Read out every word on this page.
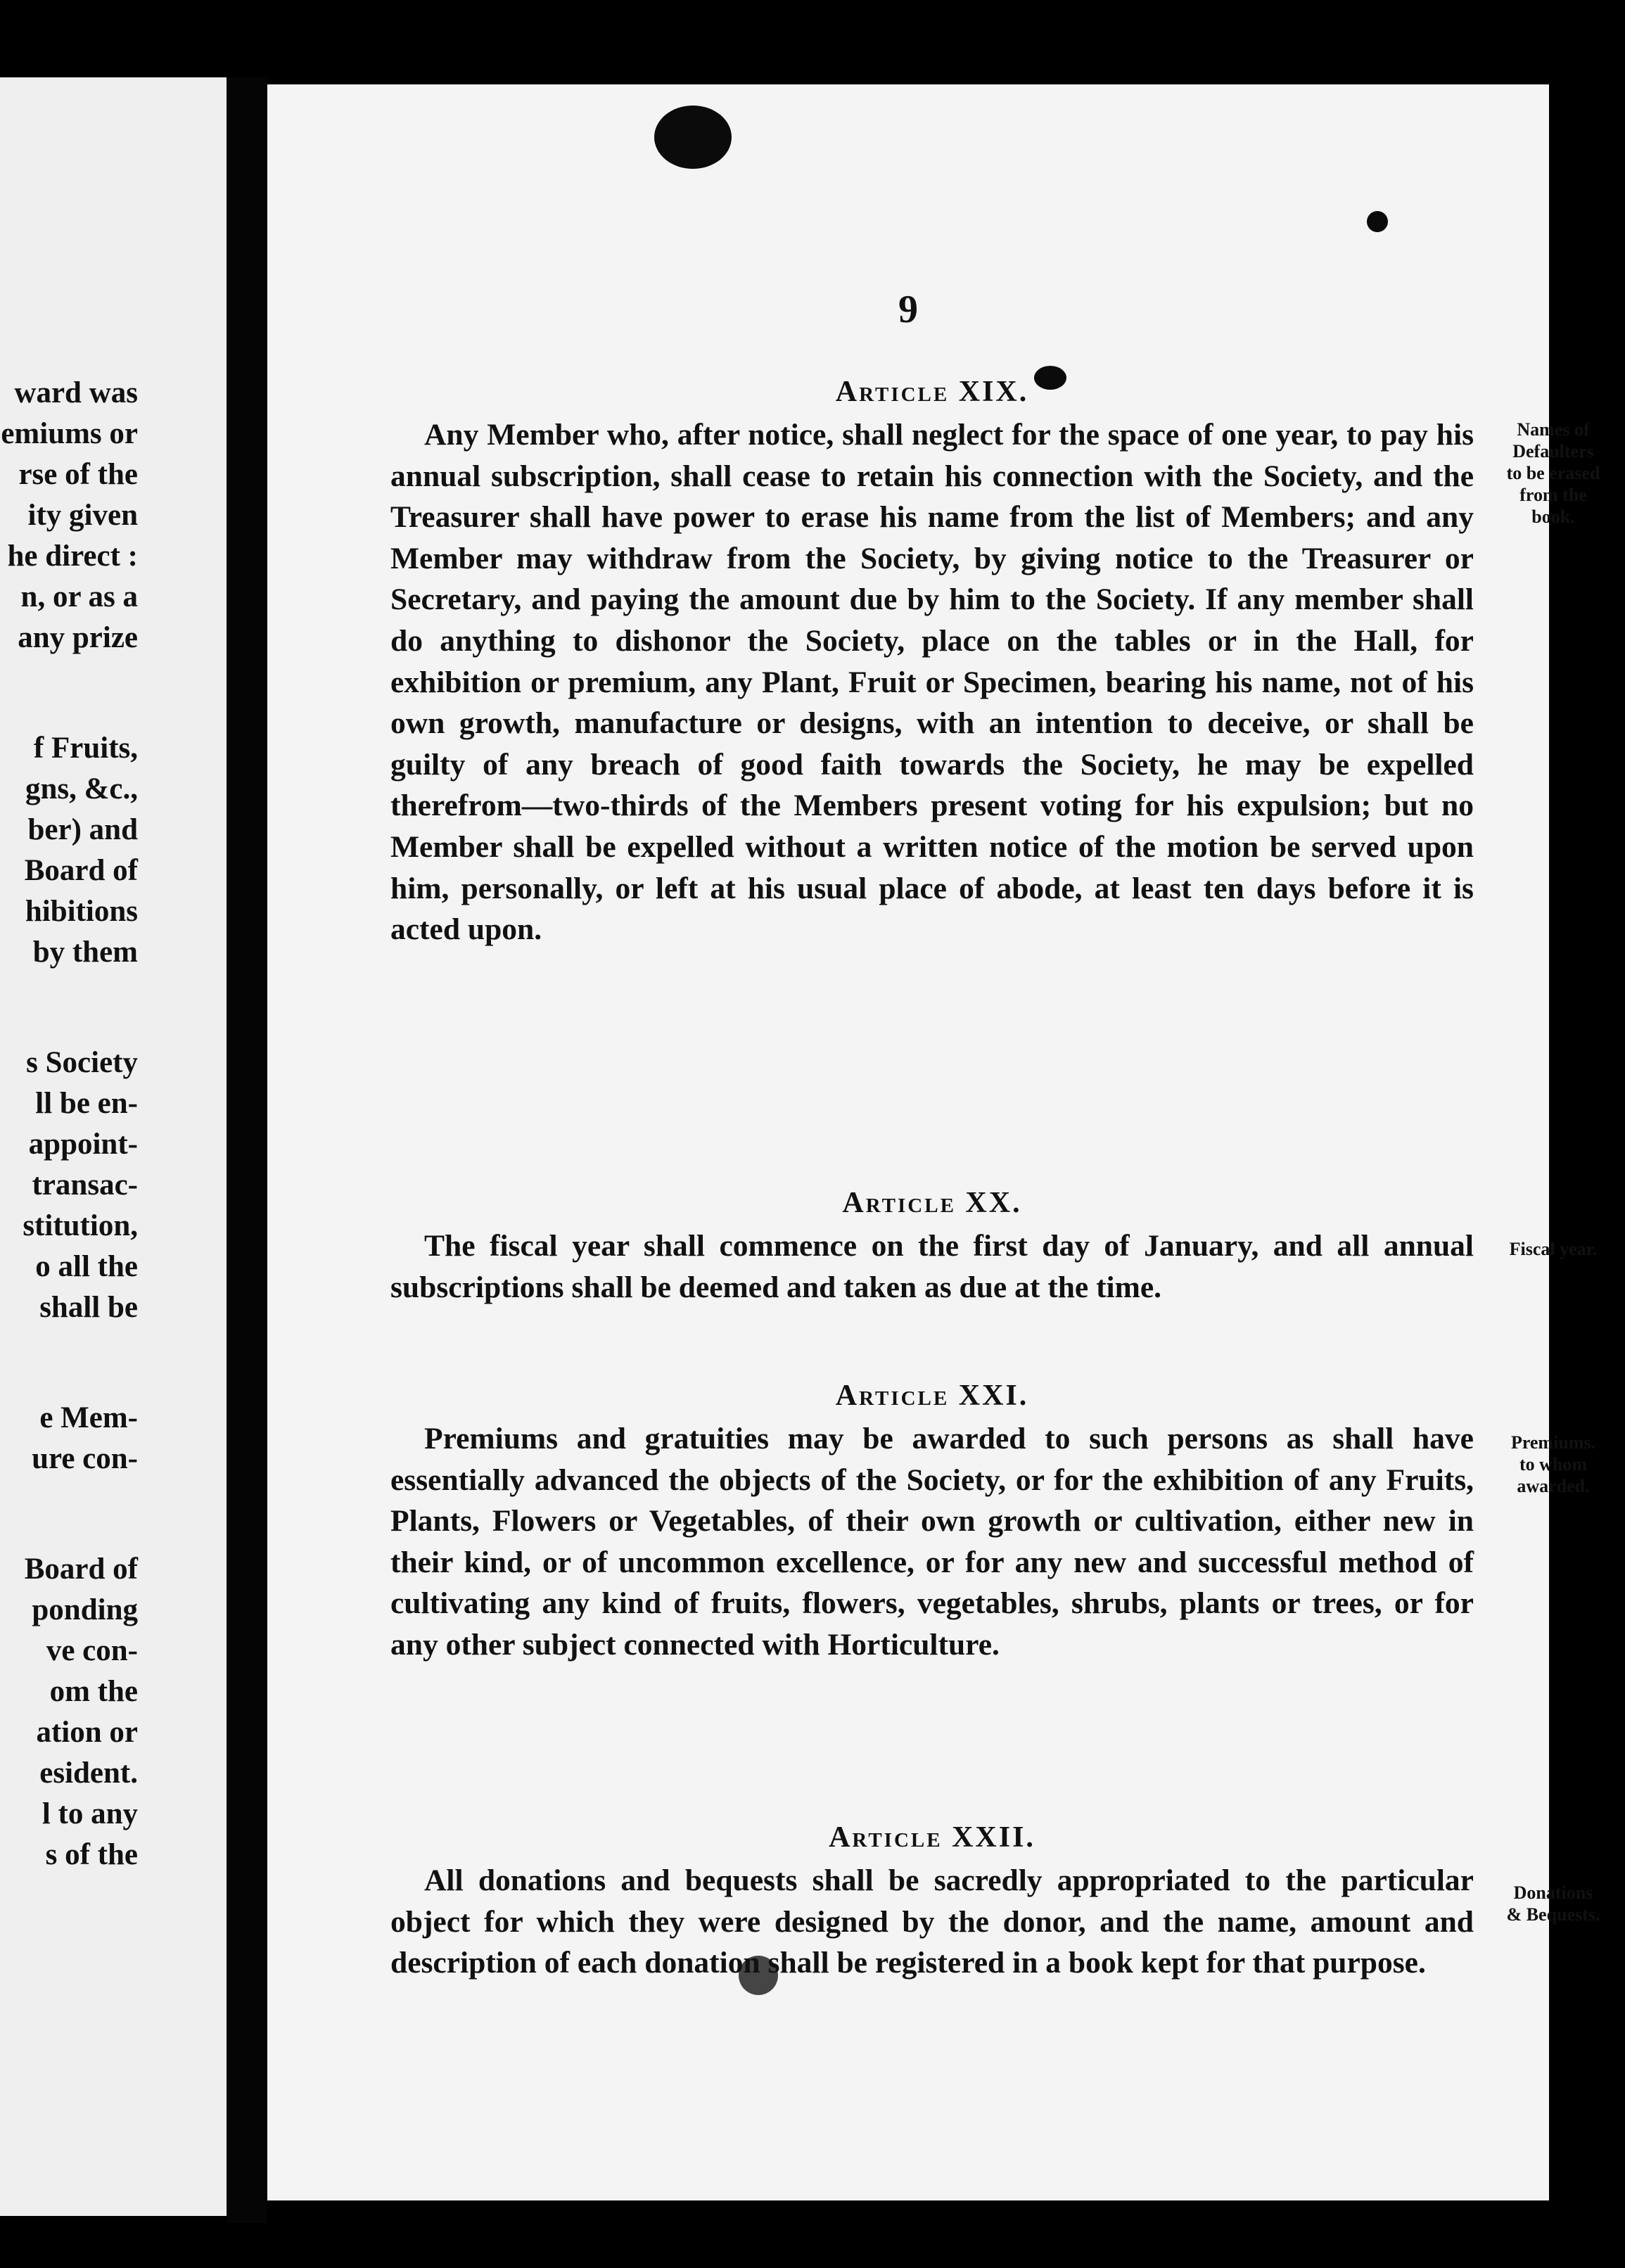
ward was
emiums or
rse of the
ity given
he direct :
n, or as a
any prize
f Fruits,
gns, &c.,
ber) and
Board of
hibitions
by them
s Society
ll be en-
appoint-
transac-
stitution,
o all the
shall be
e Mem-
ure con-
Board of
ponding
ve con-
om the
ation or
esident.
l to any
s of the
9
Article XIX.

Any Member who, after notice, shall neglect for the space of one year, to pay his annual subscription, shall cease to retain his connection with the Society, and the Treasurer shall have power to erase his name from the list of Members; and any Member may withdraw from the Society, by giving notice to the Treasurer or Secretary, and paying the amount due by him to the Society. If any member shall do anything to dishonor the Society, place on the tables or in the Hall, for exhibition or premium, any Plant, Fruit or Specimen, bearing his name, not of his own growth, manufacture or designs, with an intention to deceive, or shall be guilty of any breach of good faith towards the Society, he may be expelled therefrom—two-thirds of the Members present voting for his expulsion; but no Member shall be expelled without a written notice of the motion be served upon him, personally, or left at his usual place of abode, at least ten days before it is acted upon.

Names of
Defaulters
to be erased
from the
book.
Article XX.

The fiscal year shall commence on the first day of January, and all annual subscriptions shall be deemed and taken as due at the time.

Fiscal year.
Article XXI.

Premiums and gratuities may be awarded to such persons as shall have essentially advanced the objects of the Society, or for the exhibition of any Fruits, Plants, Flowers or Vegetables, of their own growth or cultivation, either new in their kind, or of uncommon excellence, or for any new and successful method of cultivating any kind of fruits, flowers, vegetables, shrubs, plants or trees, or for any other subject connected with Horticulture.

Premiums.
to whom
awarded.
Article XXII.

All donations and bequests shall be sacredly appropriated to the particular object for which they were designed by the donor, and the name, amount and description of each donation shall be registered in a book kept for that purpose.

Donations
& Bequests.
